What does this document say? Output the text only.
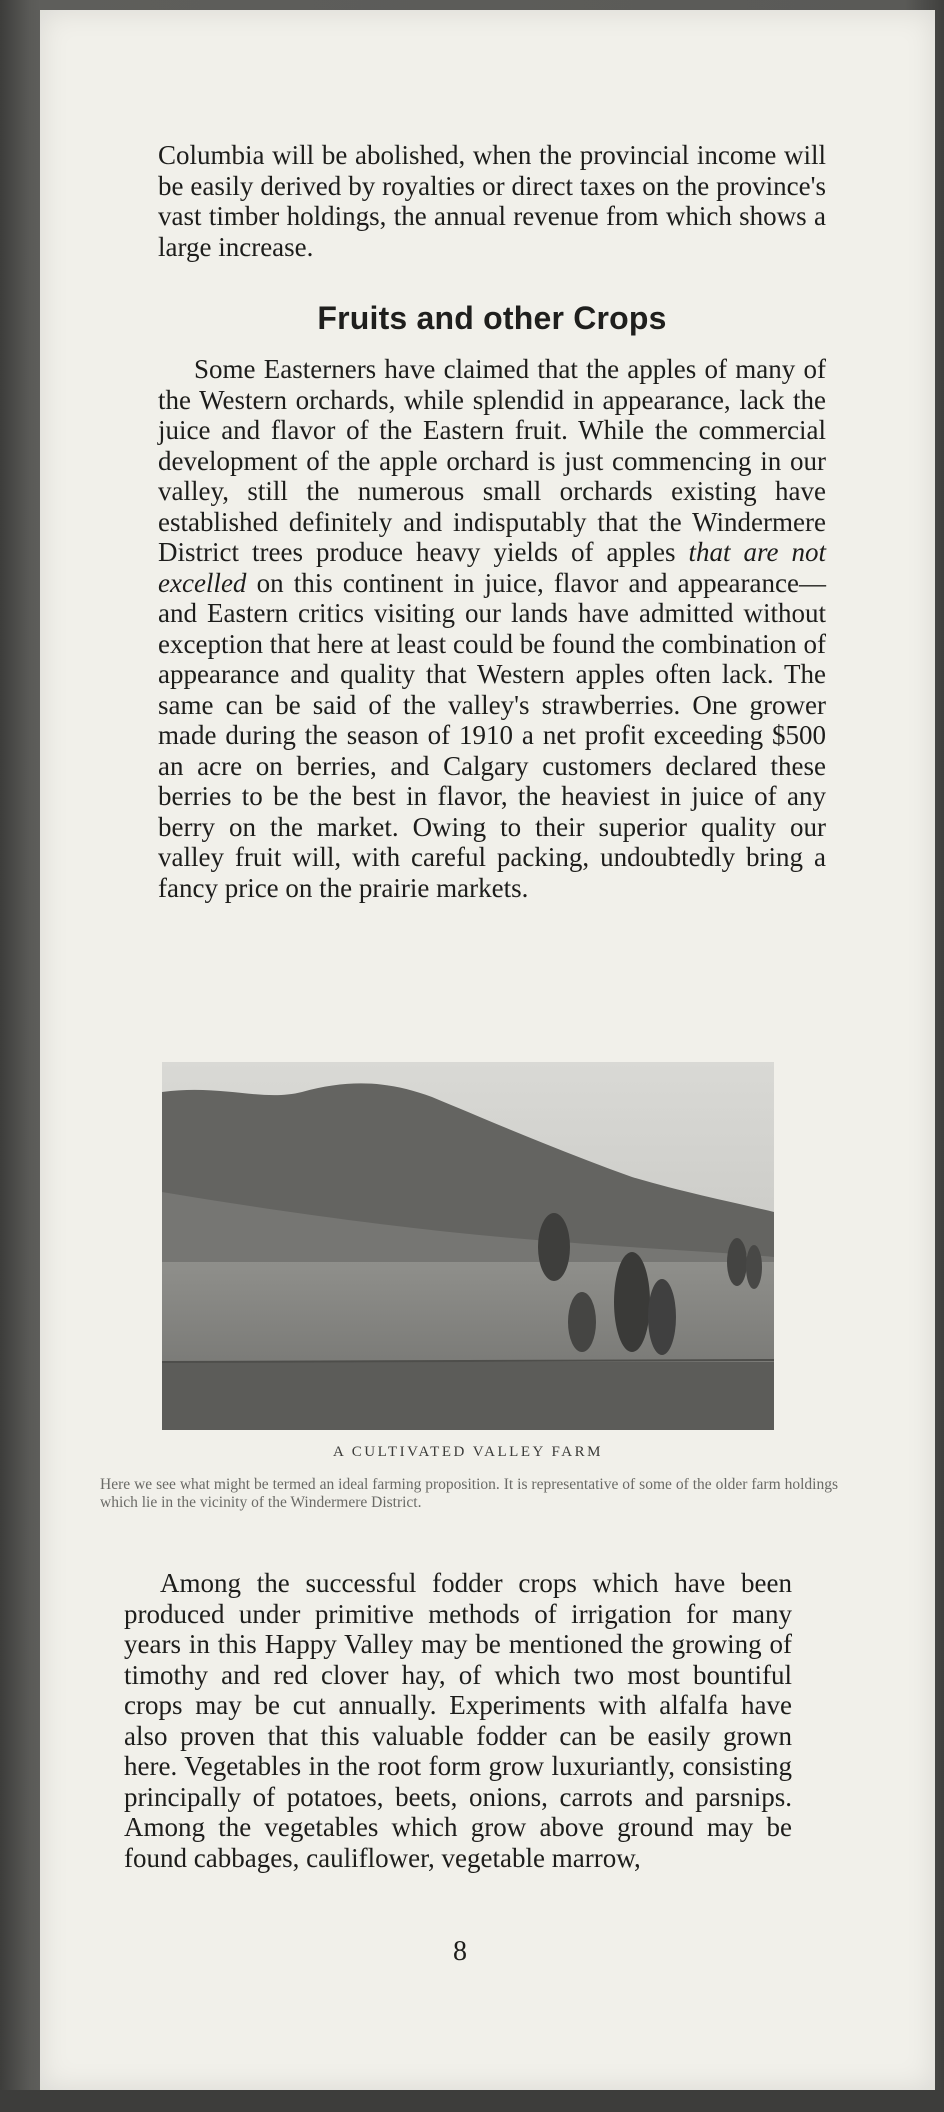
Columbia will be abolished, when the provincial income will be easily derived by royalties or direct taxes on the province's vast timber holdings, the annual revenue from which shows a large increase.

Fruits and other Crops

Some Easterners have claimed that the apples of many of the Western orchards, while splendid in appearance, lack the juice and flavor of the Eastern fruit. While the commercial development of the apple orchard is just commencing in our valley, still the numerous small orchards existing have established definitely and indisputably that the Windermere District trees produce heavy yields of apples that are not excelled on this continent in juice, flavor and appearance—and Eastern critics visiting our lands have admitted without exception that here at least could be found the combination of appearance and quality that Western apples often lack. The same can be said of the valley's strawberries. One grower made during the season of 1910 a net profit exceeding $500 an acre on berries, and Calgary customers declared these berries to be the best in flavor, the heaviest in juice of any berry on the market. Owing to their superior quality our valley fruit will, with careful packing, undoubtedly bring a fancy price on the prairie markets.

A CULTIVATED VALLEY FARM
Here we see what might be termed an ideal farming proposition. It is representative of some of the older farm holdings which lie in the vicinity of the Windermere District.

Among the successful fodder crops which have been produced under primitive methods of irrigation for many years in this Happy Valley may be mentioned the growing of timothy and red clover hay, of which two most bountiful crops may be cut annually. Experiments with alfalfa have also proven that this valuable fodder can be easily grown here. Vegetables in the root form grow luxuriantly, consisting principally of potatoes, beets, onions, carrots and parsnips. Among the vegetables which grow above ground may be found cabbages, cauliflower, vegetable marrow,

8
